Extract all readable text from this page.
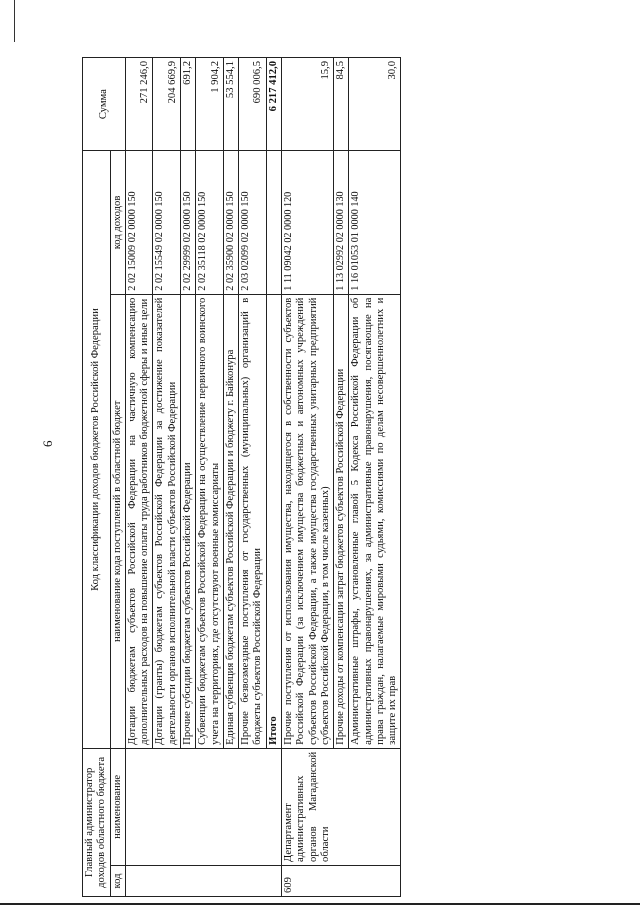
6
Главный администратор доходов областного бюджета		Код классификации доходов бюджетов Российской Федерации		Сумма
код	наименование	наименование кода поступлений в областной бюджет	код доходов	
		Дотации бюджетам субъектов Российской Федерации на частичную компенсацию дополнительных расходов на повышение оплаты труда работников бюджетной сферы и иные цели	2 02 15009 02 0000 150	271 246,0
		Дотации (гранты) бюджетам субъектов Российской Федерации за достижение показателей деятельности органов исполнительной власти субъектов Российской Федерации	2 02 15549 02 0000 150	204 669,9
		Прочие субсидии бюджетам субъектов Российской Федерации	2 02 29999 02 0000 150	691,2
		Субвенции бюджетам субъектов Российской Федерации на осуществление первичного воинского учета на территориях, где отсутствуют военные комиссариаты	2 02 35118 02 0000 150	1 904,2
		Единая субвенция бюджетам субъектов Российской Федерации и бюджету г. Байконура	2 02 35900 02 0000 150	53 554,1
		Прочие безвозмездные поступления от государственных (муниципальных) организаций в бюджеты субъектов Российской Федерации	2 03 02099 02 0000 150	690 006,5
		Итого		6 217 412,0
609	Департамент административных органов Магаданской области	Прочие поступления от использования имущества, находящегося в собственности субъектов Российской Федерации (за исключением имущества бюджетных и автономных учреждений субъектов Российской Федерации, а также имущества государственных унитарных предприятий субъектов Российской Федерации, в том числе казенных)	1 11 09042 02 0000 120	15,9
		Прочие доходы от компенсации затрат бюджетов субъектов Российской Федерации	1 13 02992 02 0000 130	84,5
		Административные штрафы, установленные главой 5 Кодекса Российской Федерации об административных правонарушениях, за административные правонарушения, посягающие на права граждан, налагаемые мировыми судьями, комиссиями по делам несовершеннолетних и защите их прав	1 16 01053 01 0000 140	30,0
